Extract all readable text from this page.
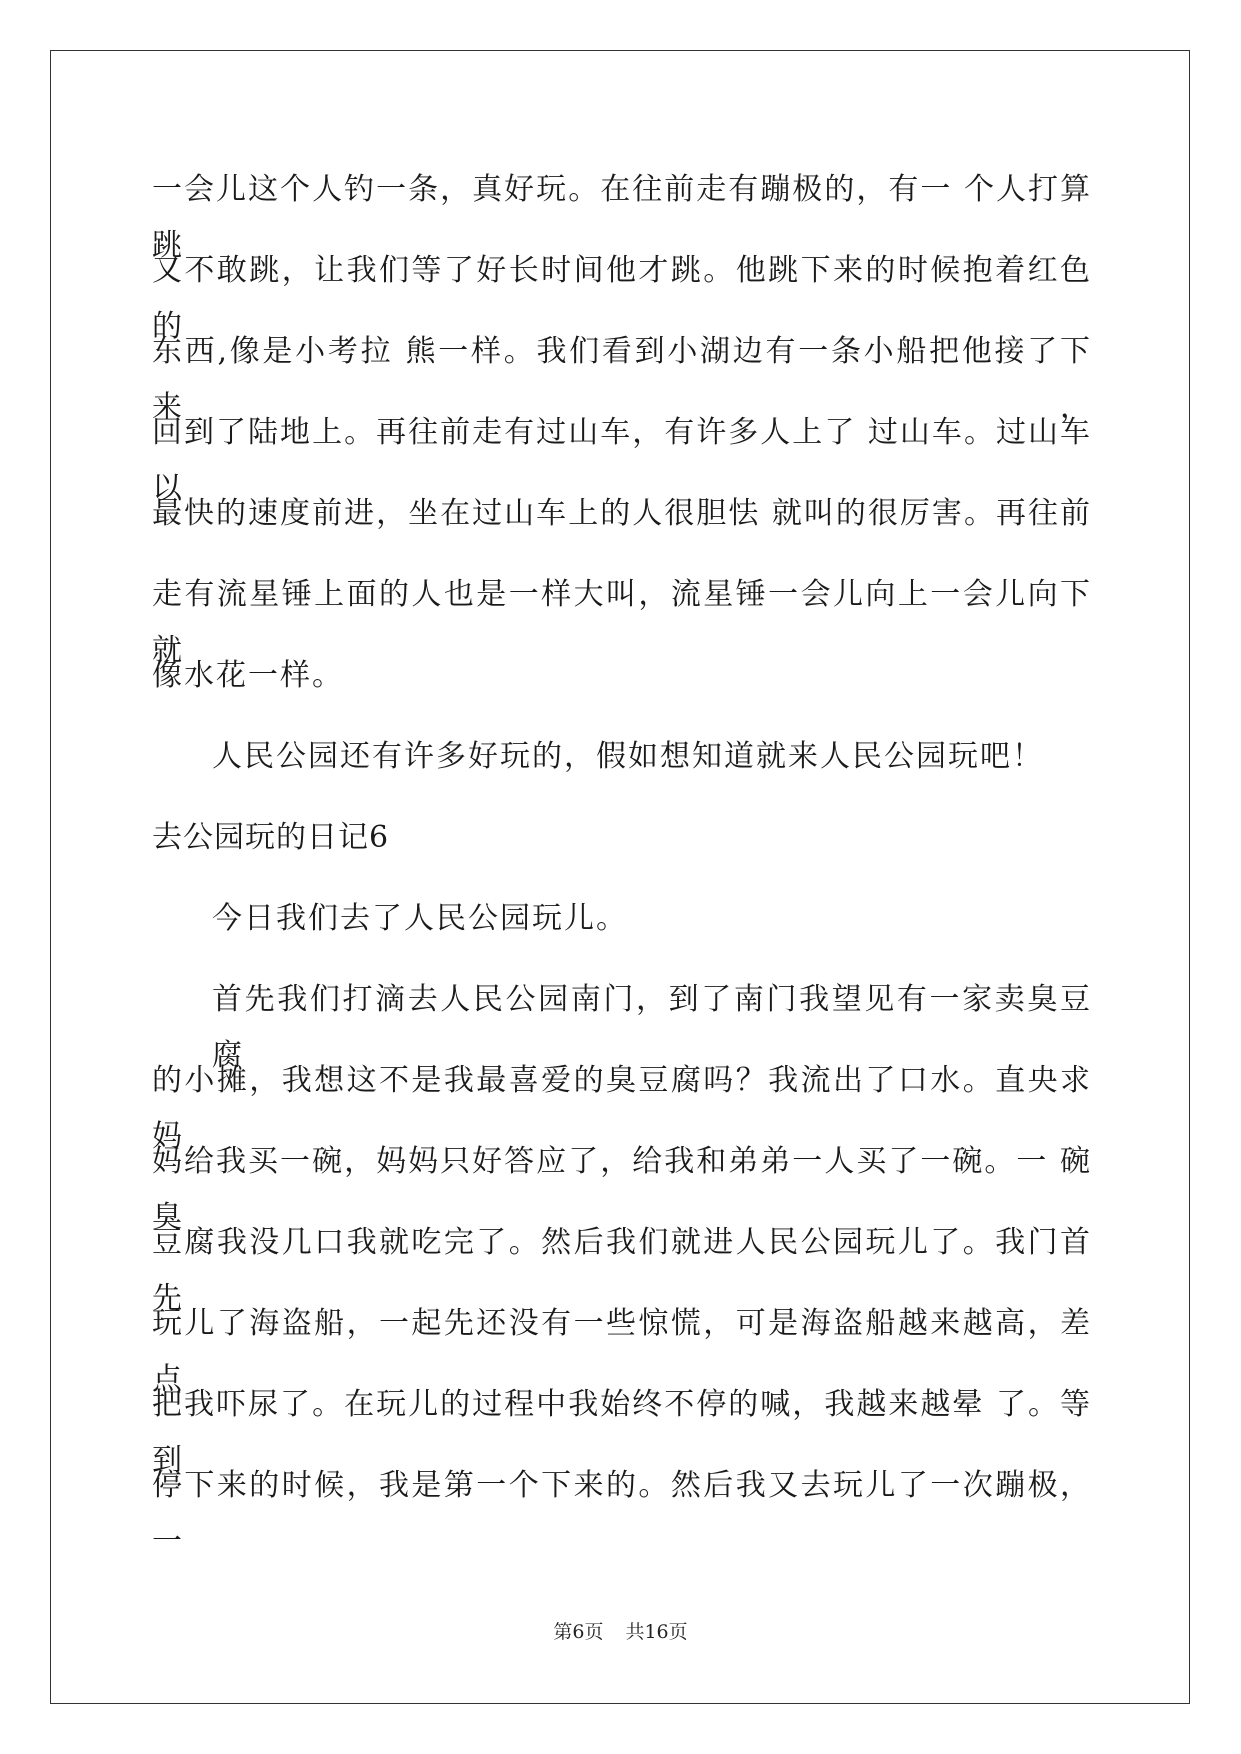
一会儿这个人钓一条，真好玩。在往前走有蹦极的，有一 个人打算跳
又不敢跳，让我们等了好长时间他才跳。他跳下来的时候抱着红色的
东西,像是小考拉 熊一样。我们看到小湖边有一条小船把他接了下来，
回到了陆地上。再往前走有过山车，有许多人上了 过山车。过山车以
最快的速度前进，坐在过山车上的人很胆怯 就叫的很厉害。再往前
走有流星锤上面的人也是一样大叫，流星锤一会儿向上一会儿向下就
像水花一样。
人民公园还有许多好玩的，假如想知道就来人民公园玩吧！
去公园玩的日记6
今日我们去了人民公园玩儿。
首先我们打滴去人民公园南门，到了南门我望见有一家卖臭豆腐
的小摊，我想这不是我最喜爱的臭豆腐吗？我流出了口水。直央求妈
妈给我买一碗，妈妈只好答应了，给我和弟弟一人买了一碗。一 碗臭
豆腐我没几口我就吃完了。然后我们就进人民公园玩儿了。我门首先
玩儿了海盗船，一起先还没有一些惊慌，可是海盗船越来越高，差点
把我吓尿了。在玩儿的过程中我始终不停的喊，我越来越晕 了。等到
停下来的时候，我是第一个下来的。然后我又去玩儿了一次蹦极，一
第6页 共16页
